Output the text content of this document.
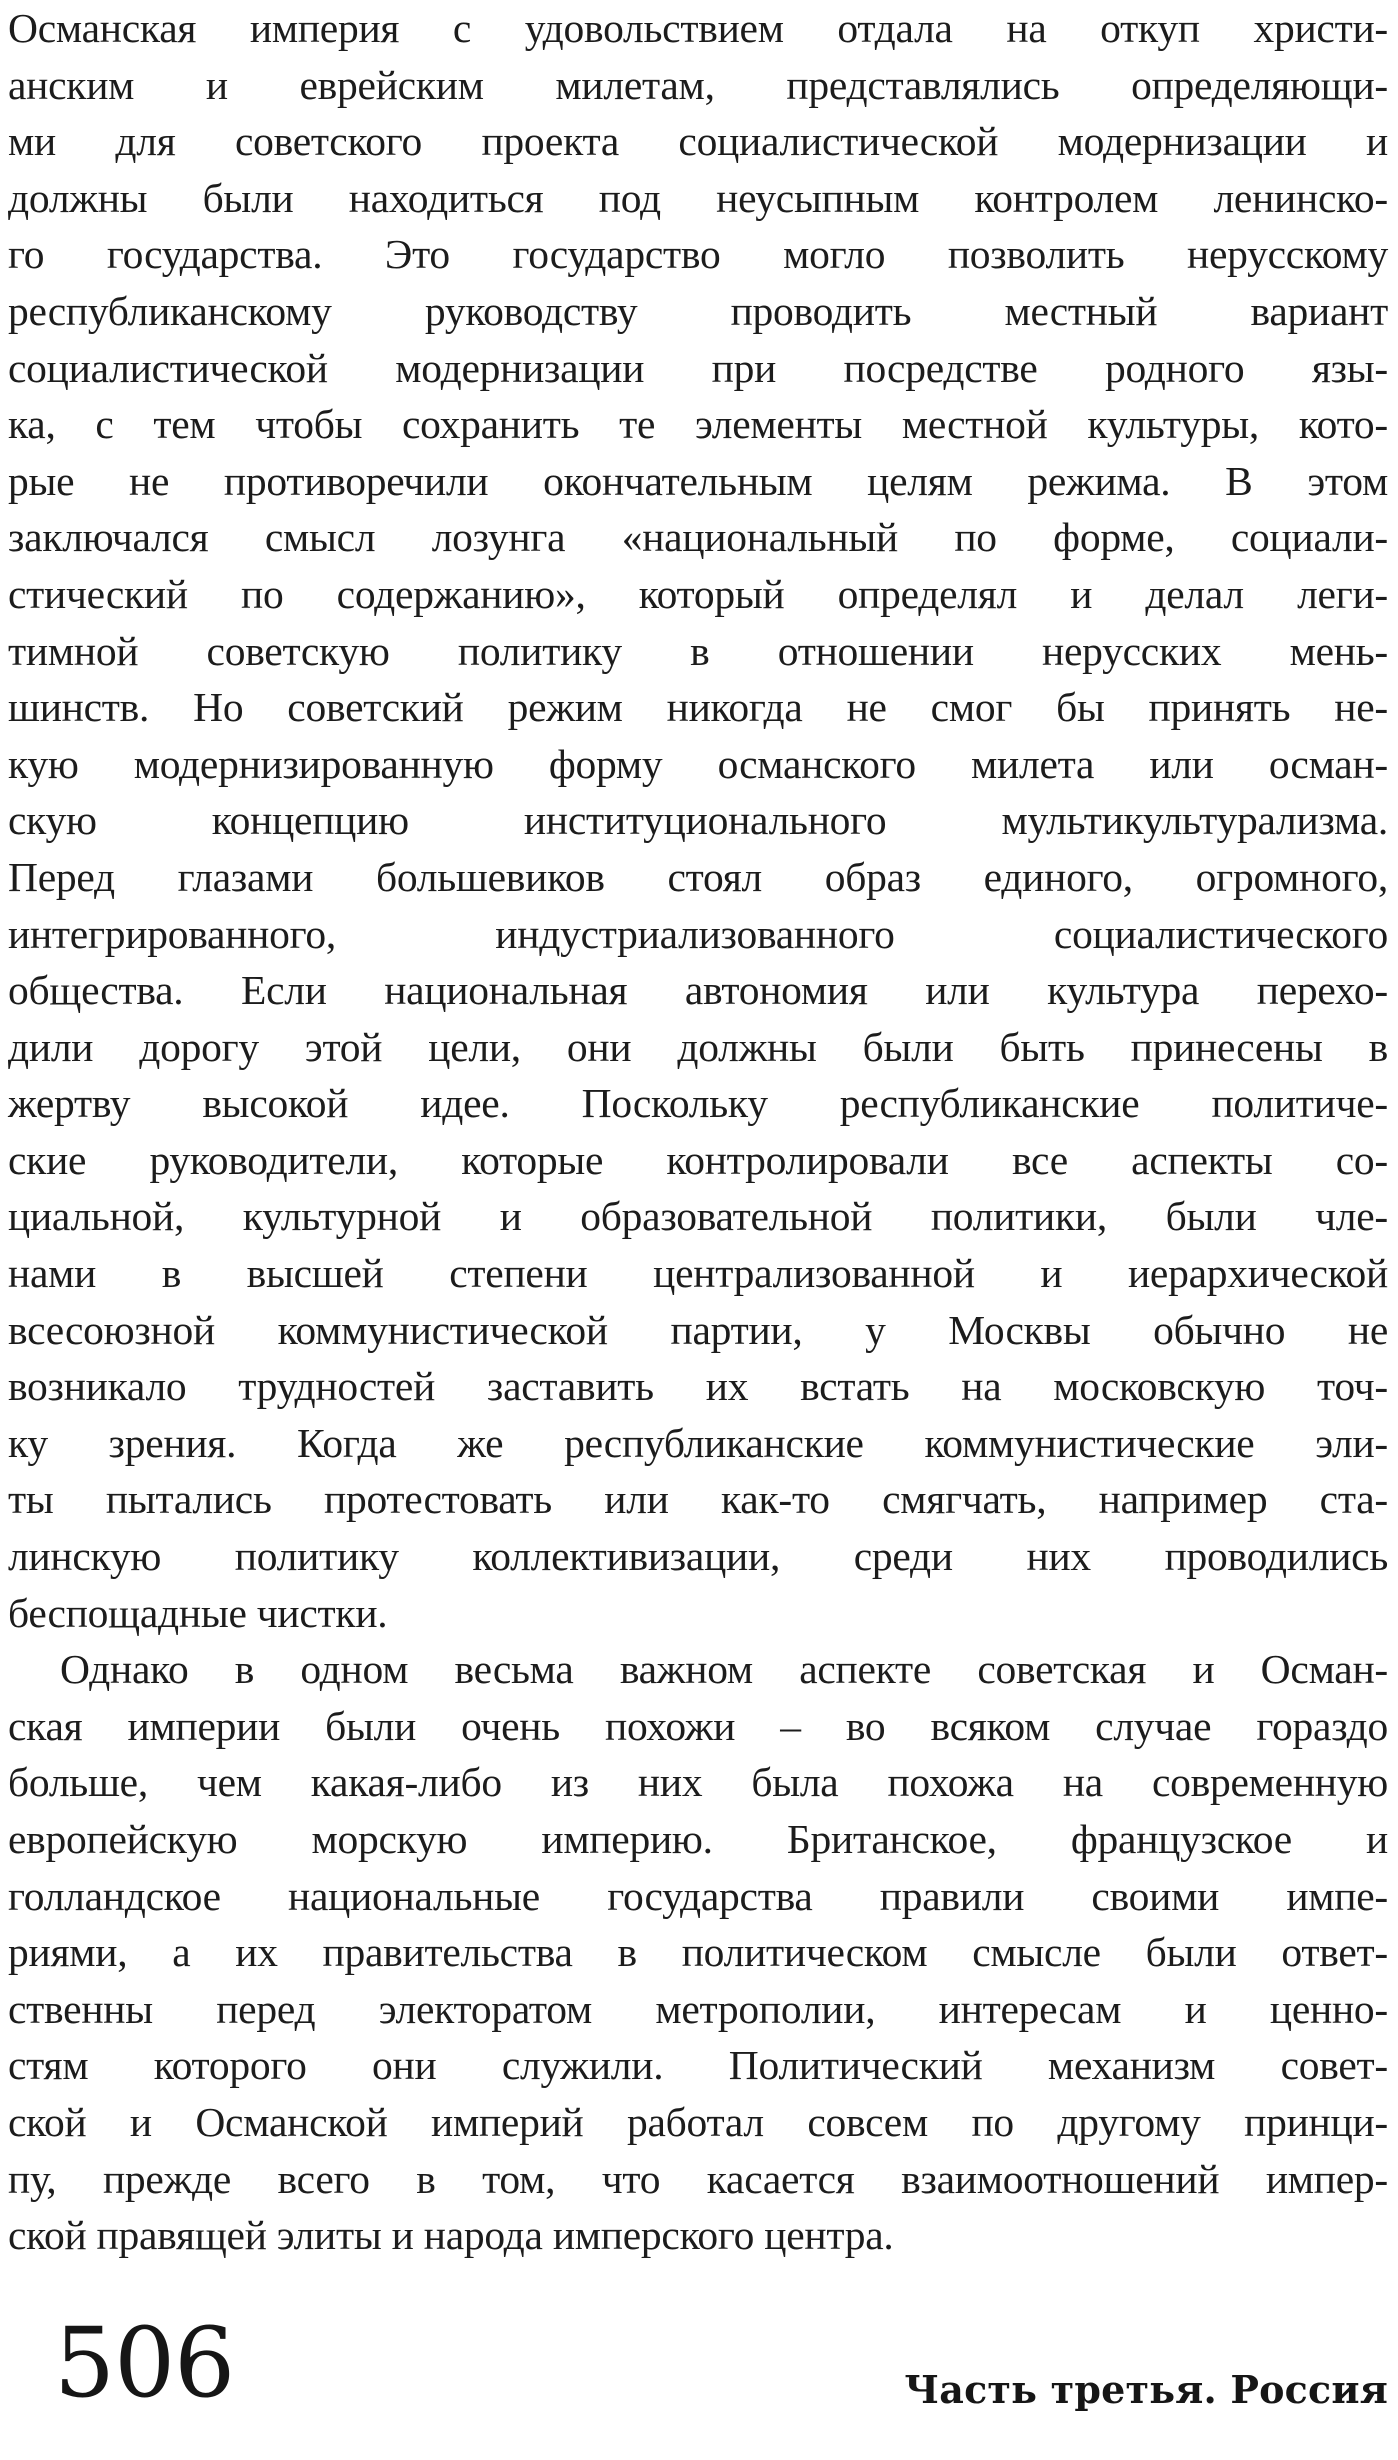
Османская империя с удовольствием отдала на откуп христи-
анским и еврейским милетам, представлялись определяющи-
ми для советского проекта социалистической модернизации и
должны были находиться под неусыпным контролем ленинско-
го государства. Это государство могло позволить нерусскому
республиканскому руководству проводить местный вариант
социалистической модернизации при посредстве родного язы-
ка, с тем чтобы сохранить те элементы местной культуры, кото-
рые не противоречили окончательным целям режима. В этом
заключался смысл лозунга «национальный по форме, социали-
стический по содержанию», который определял и делал леги-
тимной советскую политику в отношении нерусских мень-
шинств. Но советский режим никогда не смог бы принять не-
кую модернизированную форму османского милета или осман-
скую концепцию институционального мультикультурализма.
Перед глазами большевиков стоял образ единого, огромного,
интегрированного, индустриализованного социалистического
общества. Если национальная автономия или культура перехо-
дили дорогу этой цели, они должны были быть принесены в
жертву высокой идее. Поскольку республиканские политиче-
ские руководители, которые контролировали все аспекты со-
циальной, культурной и образовательной политики, были чле-
нами в высшей степени централизованной и иерархической
всесоюзной коммунистической партии, у Москвы обычно не
возникало трудностей заставить их встать на московскую точ-
ку зрения. Когда же республиканские коммунистические эли-
ты пытались протестовать или как-то смягчать, например ста-
линскую политику коллективизации, среди них проводились
беспощадные чистки.
Однако в одном весьма важном аспекте советская и Осман-
ская империи были очень похожи – во всяком случае гораздо
больше, чем какая-либо из них была похожа на современную
европейскую морскую империю. Британское, французское и
голландское национальные государства правили своими импе-
риями, а их правительства в политическом смысле были ответ-
ственны перед электоратом метрополии, интересам и ценно-
стям которого они служили. Политический механизм совет-
ской и Османской империй работал совсем по другому принци-
пу, прежде всего в том, что касается взаимоотношений импер-
ской правящей элиты и народа имперского центра.
506	Часть третья. Россия
